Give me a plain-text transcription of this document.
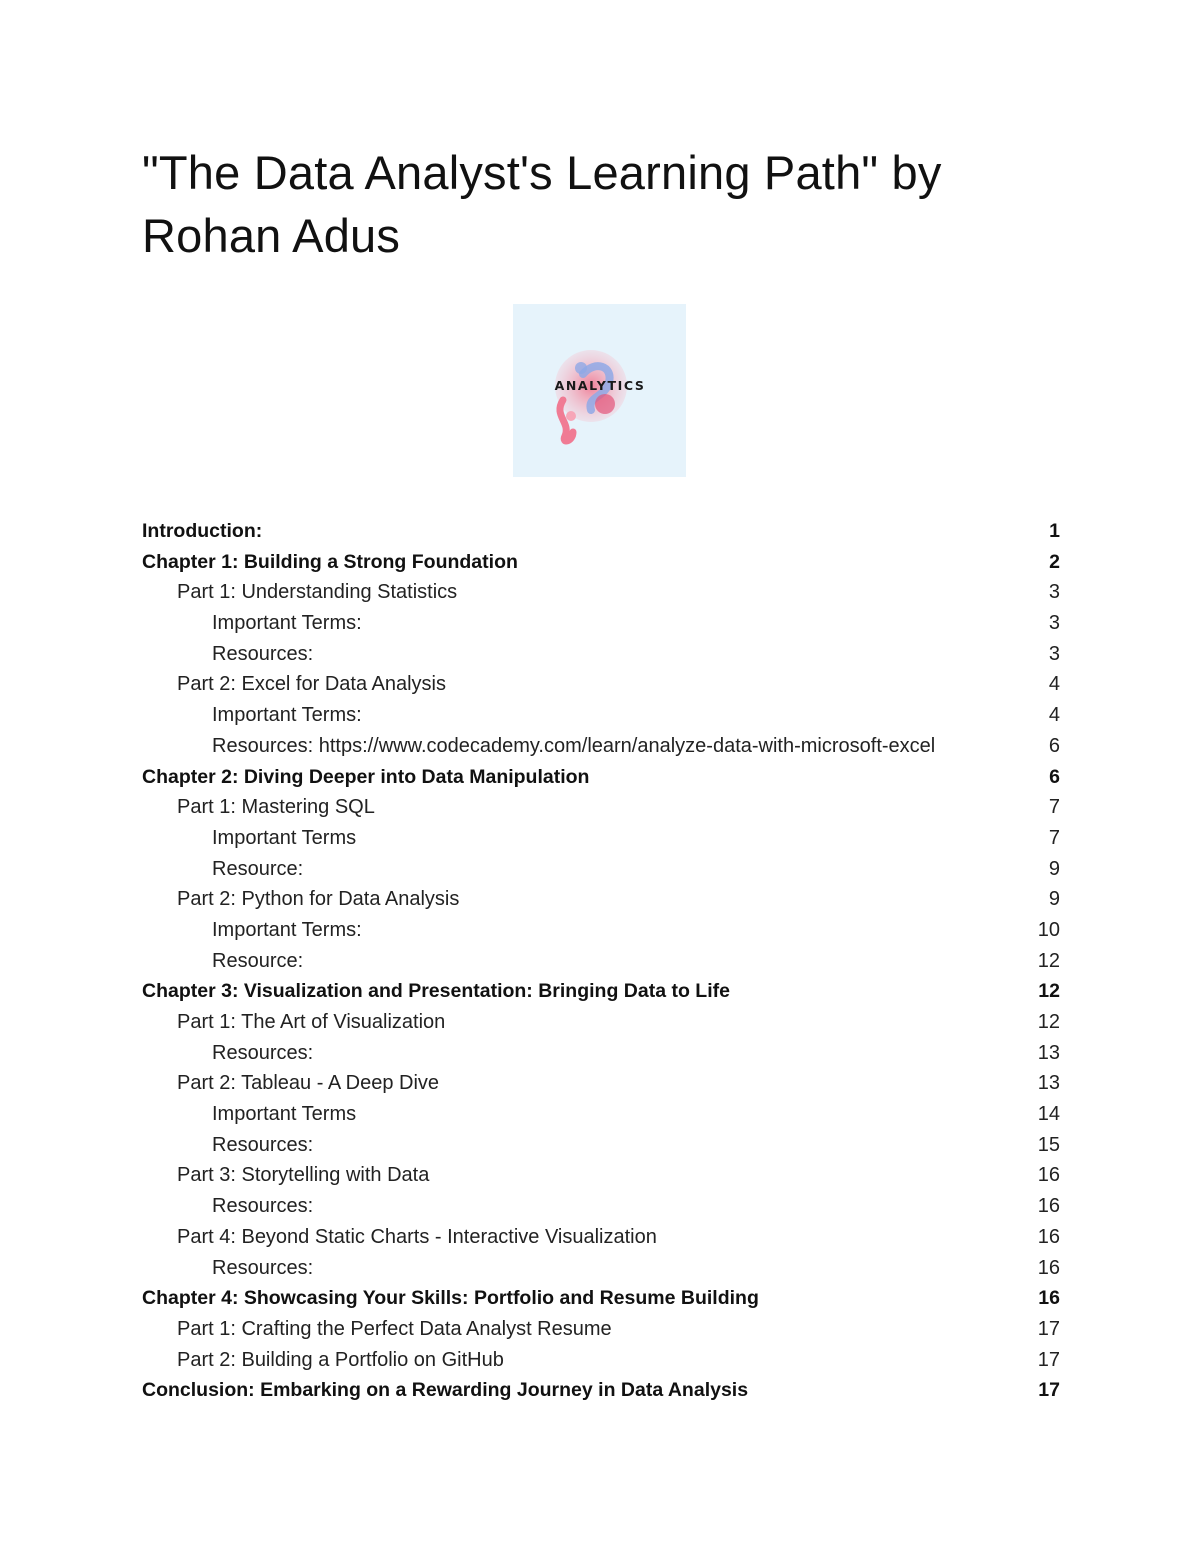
"The Data Analyst's Learning Path" by Rohan Adus
ANALYTICS
Introduction:	1
Chapter 1: Building a Strong Foundation	2
Part 1: Understanding Statistics	3
Important Terms:	3
Resources:	3
Part 2: Excel for Data Analysis	4
Important Terms:	4
Resources: https://www.codecademy.com/learn/analyze-data-with-microsoft-excel	6
Chapter 2: Diving Deeper into Data Manipulation	6
Part 1: Mastering SQL	7
Important Terms	7
Resource:	9
Part 2: Python for Data Analysis	9
Important Terms:	10
Resource:	12
Chapter 3: Visualization and Presentation: Bringing Data to Life	12
Part 1: The Art of Visualization	12
Resources:	13
Part 2: Tableau - A Deep Dive	13
Important Terms	14
Resources:	15
Part 3: Storytelling with Data	16
Resources:	16
Part 4: Beyond Static Charts - Interactive Visualization	16
Resources:	16
Chapter 4: Showcasing Your Skills: Portfolio and Resume Building	16
Part 1: Crafting the Perfect Data Analyst Resume	17
Part 2: Building a Portfolio on GitHub	17
Conclusion: Embarking on a Rewarding Journey in Data Analysis	17
